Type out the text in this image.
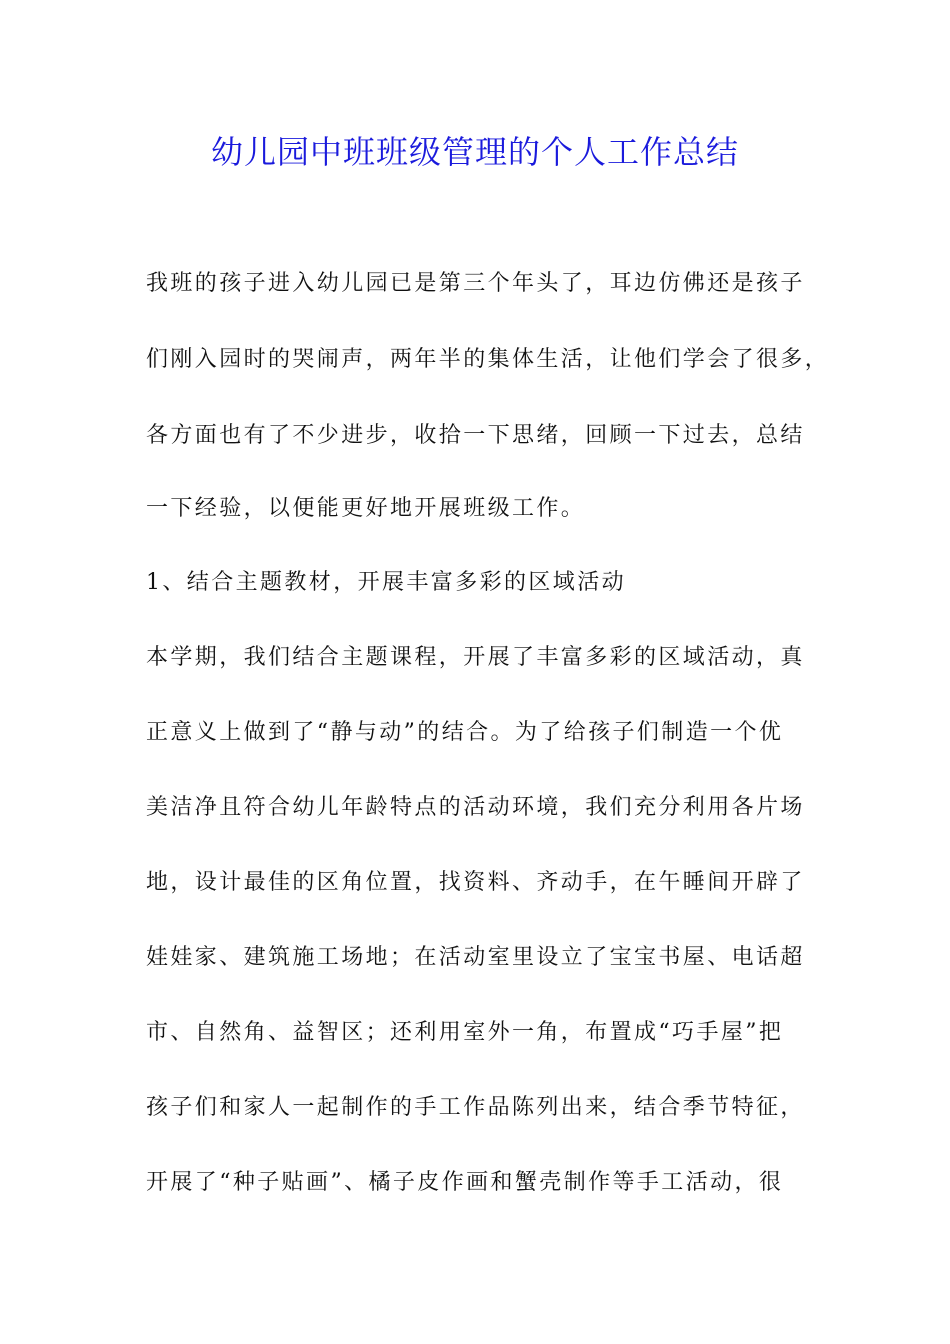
幼儿园中班班级管理的个人工作总结
我班的孩子进入幼儿园已是第三个年头了，耳边仿佛还是孩子
们刚入园时的哭闹声，两年半的集体生活，让他们学会了很多，
各方面也有了不少进步，收拾一下思绪，回顾一下过去，总结
一下经验，以便能更好地开展班级工作。
1、结合主题教材，开展丰富多彩的区域活动
本学期，我们结合主题课程，开展了丰富多彩的区域活动，真
正意义上做到了“静与动”的结合。为了给孩子们制造一个优
美洁净且符合幼儿年龄特点的活动环境，我们充分利用各片场
地，设计最佳的区角位置，找资料、齐动手，在午睡间开辟了
娃娃家、建筑施工场地；在活动室里设立了宝宝书屋、电话超
市、自然角、益智区；还利用室外一角，布置成“巧手屋”把
孩子们和家人一起制作的手工作品陈列出来，结合季节特征，
开展了“种子贴画”、橘子皮作画和蟹壳制作等手工活动，很
